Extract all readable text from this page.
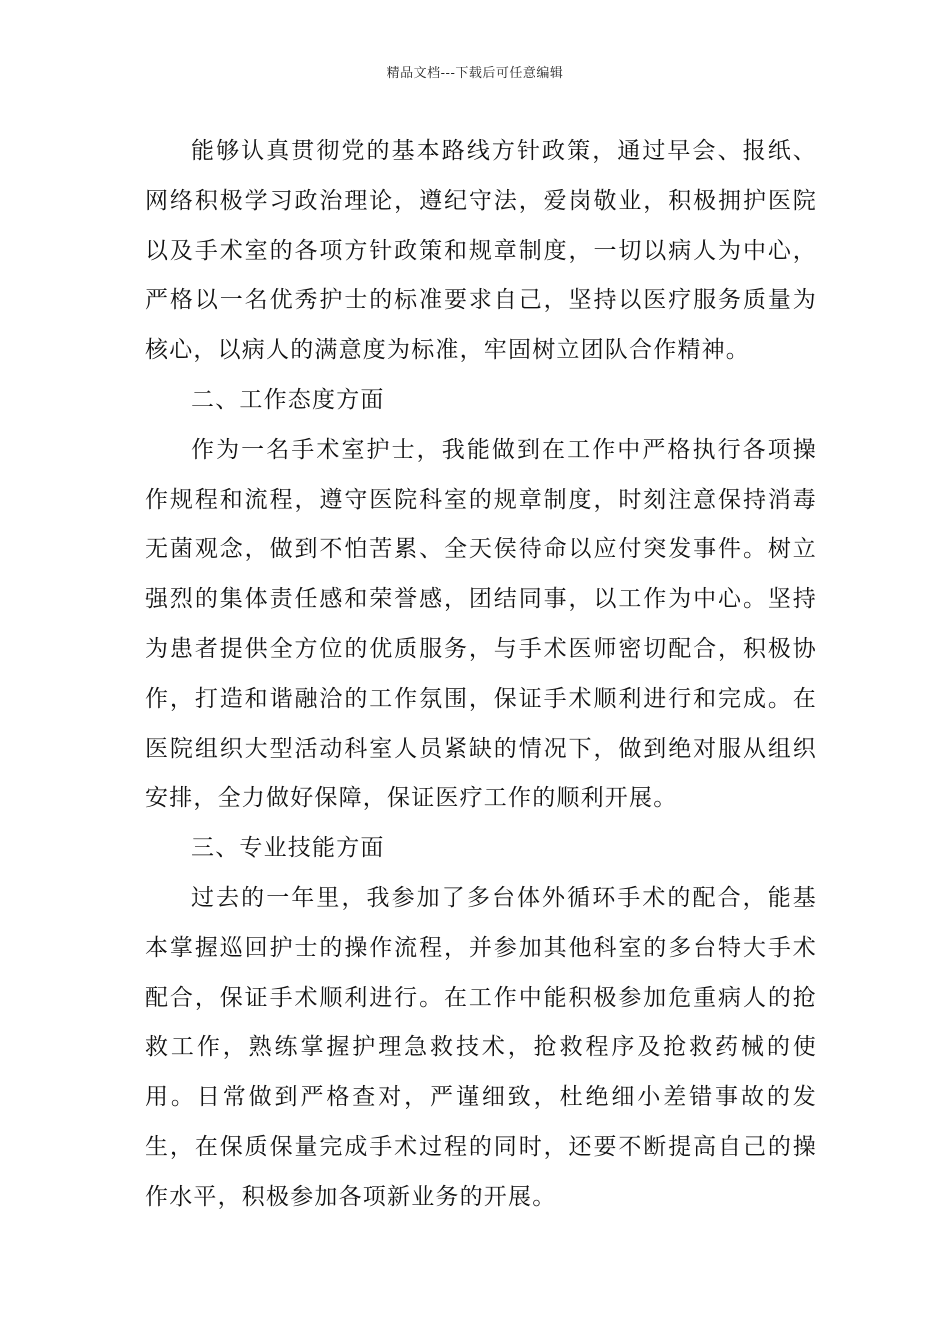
精品文档---下载后可任意编辑

能够认真贯彻党的基本路线方针政策，通过早会、报纸、网络积极学习政治理论，遵纪守法，爱岗敬业，积极拥护医院以及手术室的各项方针政策和规章制度，一切以病人为中心，严格以一名优秀护士的标准要求自己，坚持以医疗服务质量为核心，以病人的满意度为标准，牢固树立团队合作精神。

二、工作态度方面

作为一名手术室护士，我能做到在工作中严格执行各项操作规程和流程，遵守医院科室的规章制度，时刻注意保持消毒无菌观念，做到不怕苦累、全天侯待命以应付突发事件。树立强烈的集体责任感和荣誉感，团结同事，以工作为中心。坚持为患者提供全方位的优质服务，与手术医师密切配合，积极协作，打造和谐融洽的工作氛围，保证手术顺利进行和完成。在医院组织大型活动科室人员紧缺的情况下，做到绝对服从组织安排，全力做好保障，保证医疗工作的顺利开展。

三、专业技能方面

过去的一年里，我参加了多台体外循环手术的配合，能基本掌握巡回护士的操作流程，并参加其他科室的多台特大手术配合，保证手术顺利进行。在工作中能积极参加危重病人的抢救工作，熟练掌握护理急救技术，抢救程序及抢救药械的使用。日常做到严格查对，严谨细致，杜绝细小差错事故的发生，在保质保量完成手术过程的同时，还要不断提高自己的操作水平，积极参加各项新业务的开展。
